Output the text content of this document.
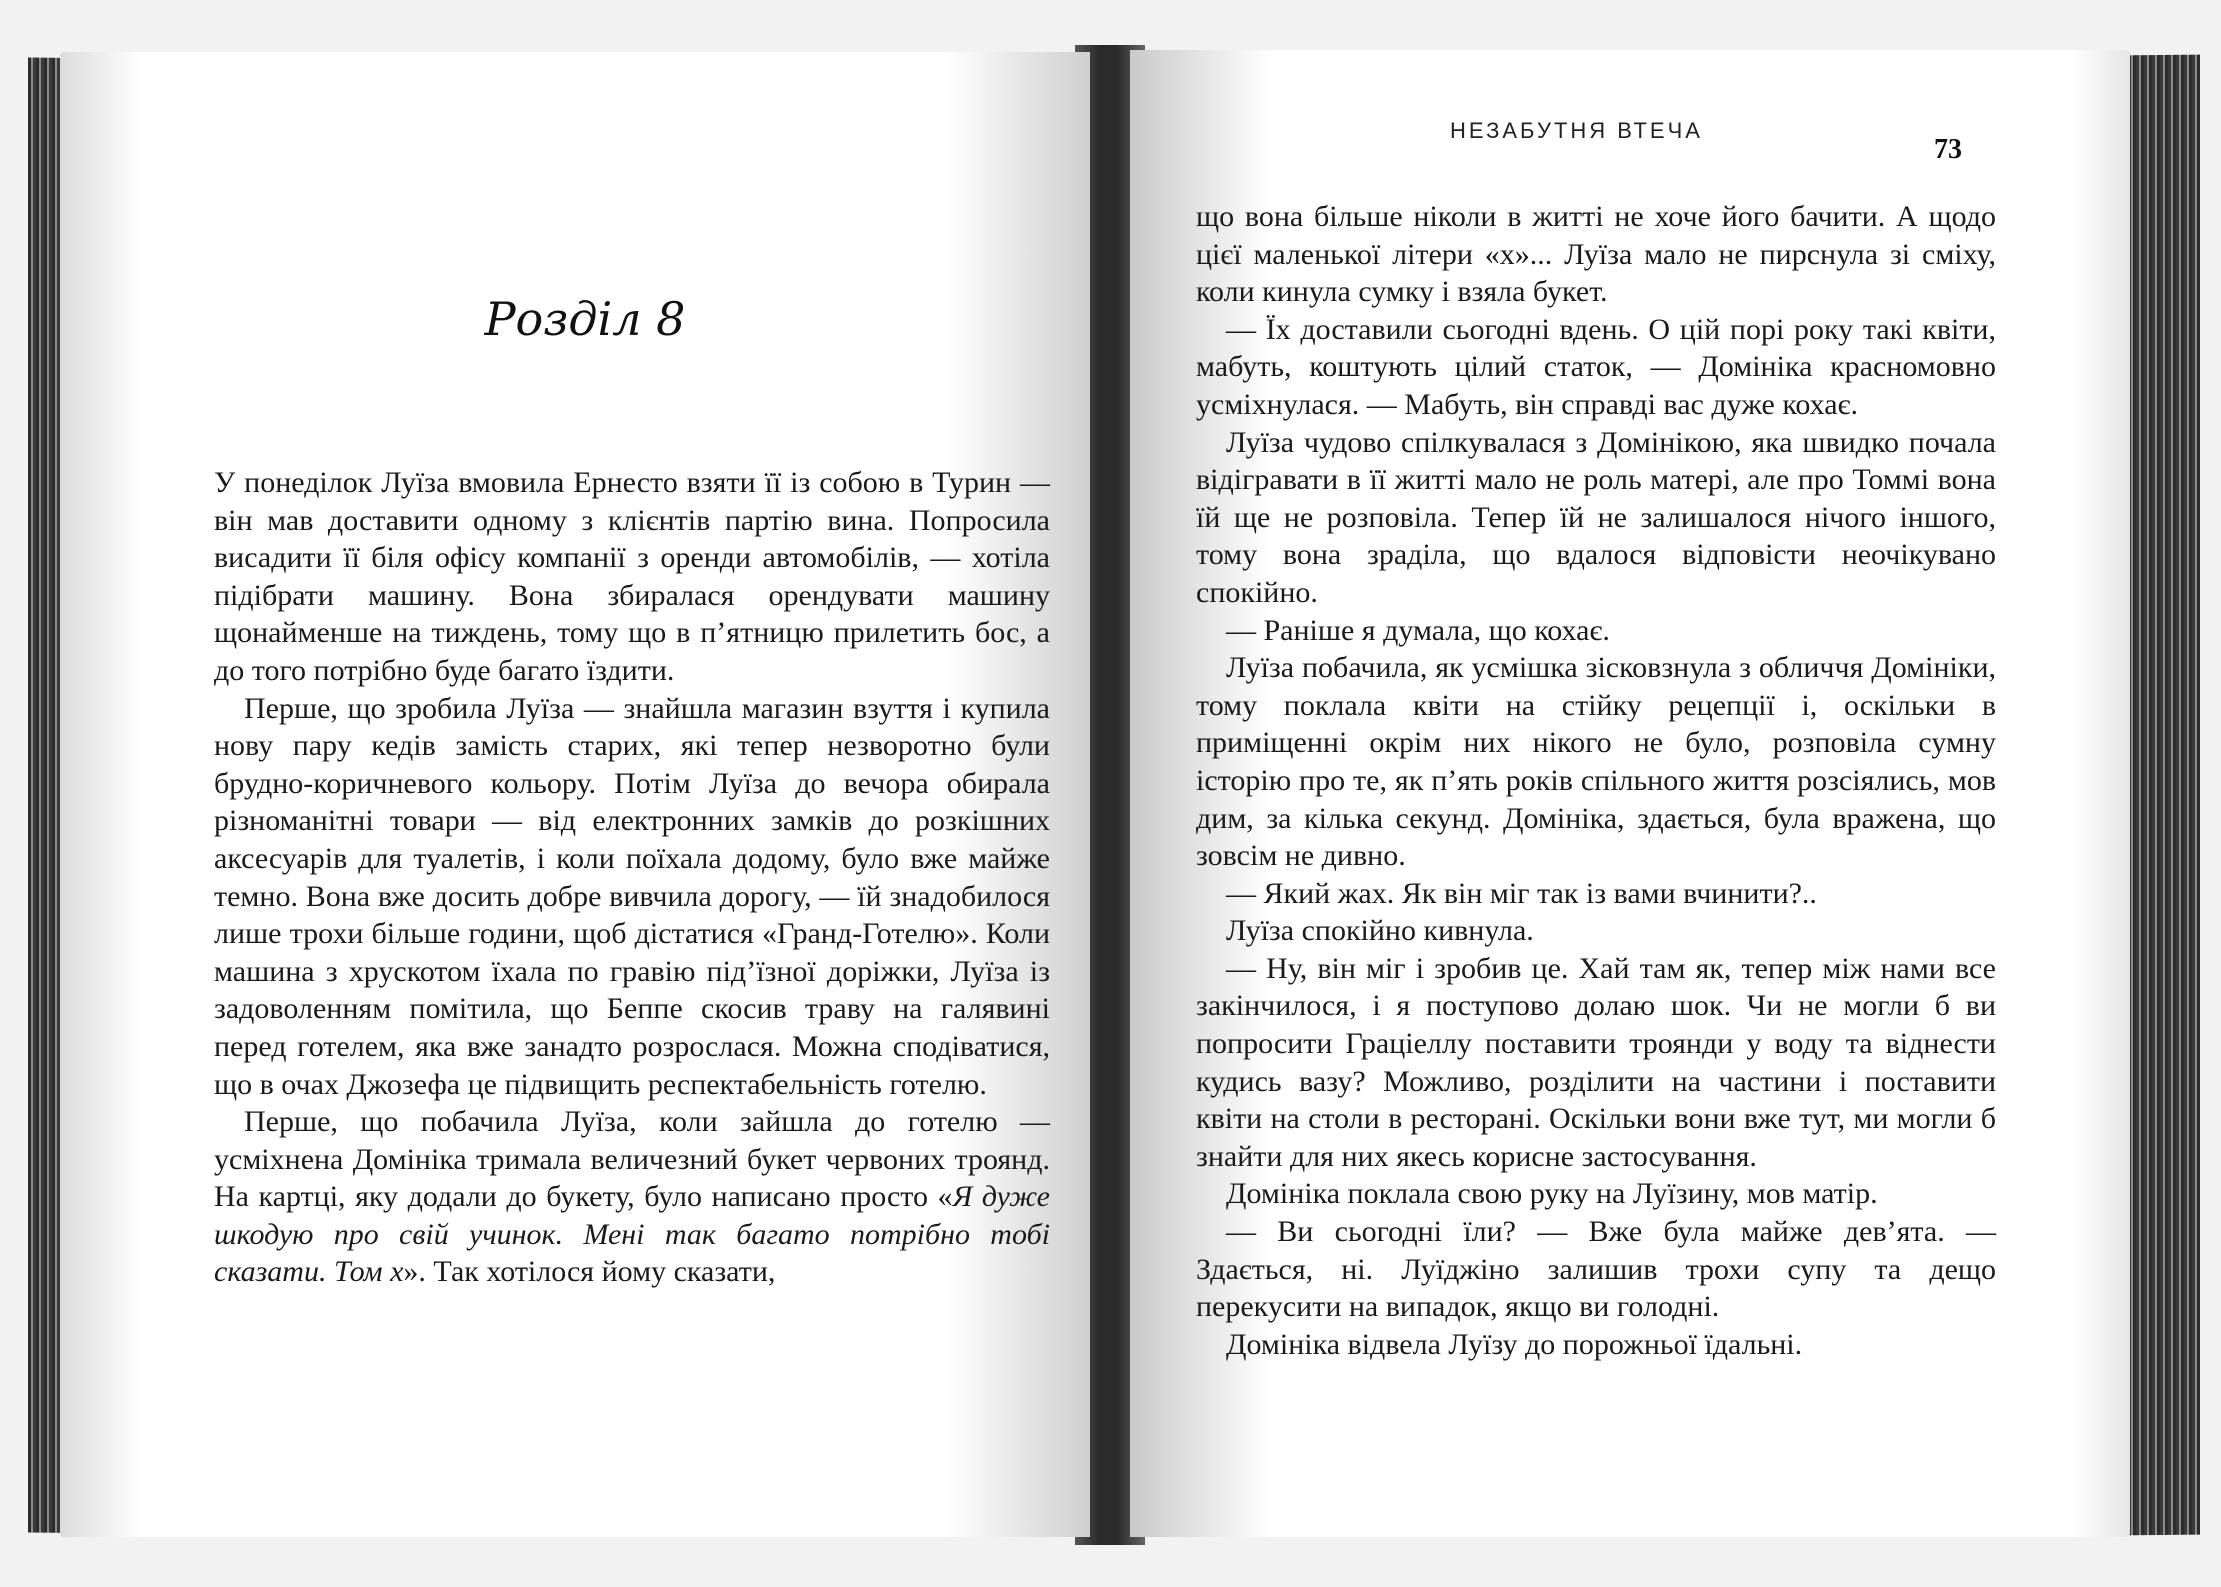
Розділ 8

У понеділок Луїза вмовила Ернесто взяти її із собою в Турин — він мав доставити одному з клієнтів партію вина. Попросила висадити її біля офісу компанії з оренди автомобілів, — хотіла підібрати машину. Вона збиралася орендувати машину щонайменше на тиждень, тому що в п’ятницю прилетить бос, а до того потрібно буде багато їздити.

Перше, що зробила Луїза — знайшла магазин взуття і купила нову пару кедів замість старих, які тепер незворотно були брудно-коричневого кольору. Потім Луїза до вечора обирала різноманітні товари — від електронних замків до розкішних аксесуарів для туалетів, і коли поїхала додому, було вже майже темно. Вона вже досить добре вивчила дорогу, — їй знадобилося лише трохи більше години, щоб дістатися «Гранд-Готелю». Коли машина з хрускотом їхала по гравію під’їзної доріжки, Луїза із задоволенням помітила, що Беппе скосив траву на галявині перед готелем, яка вже занадто розрослася. Можна сподіватися, що в очах Джозефа це підвищить респектабельність готелю.

Перше, що побачила Луїза, коли зайшла до готелю — усміхнена Домініка тримала величезний букет червоних троянд. На картці, яку додали до букету, було написано просто «Я дуже шкодую про свій учинок. Мені так багато потрібно тобі сказати. Том х». Так хотілося йому сказати,

НЕЗАБУТНЯ ВТЕЧА
73

що вона більше ніколи в житті не хоче його бачити. А щодо цієї маленької літери «х»... Луїза мало не пирснула зі сміху, коли кинула сумку і взяла букет.

— Їх доставили сьогодні вдень. О цій порі року такі квіти, мабуть, коштують цілий статок, — Домініка красномовно усміхнулася. — Мабуть, він справді вас дуже кохає.

Луїза чудово спілкувалася з Домінікою, яка швидко почала відігравати в її житті мало не роль матері, але про Томмі вона їй ще не розповіла. Тепер їй не залишалося нічого іншого, тому вона зраділа, що вдалося відповісти неочікувано спокійно.

— Раніше я думала, що кохає.

Луїза побачила, як усмішка зісковзнула з обличчя Домініки, тому поклала квіти на стійку рецепції і, оскільки в приміщенні окрім них нікого не було, розповіла сумну історію про те, як п’ять років спільного життя розсіялись, мов дим, за кілька секунд. Домініка, здається, була вражена, що зовсім не дивно.

— Який жах. Як він міг так із вами вчинити?..

Луїза спокійно кивнула.

— Ну, він міг і зробив це. Хай там як, тепер між нами все закінчилося, і я поступово долаю шок. Чи не могли б ви попросити Граціеллу поставити троянди у воду та віднести кудись вазу? Можливо, розділити на частини і поставити квіти на столи в ресторані. Оскільки вони вже тут, ми могли б знайти для них якесь корисне застосування.

Домініка поклала свою руку на Луїзину, мов матір.

— Ви сьогодні їли? — Вже була майже дев’ята. — Здається, ні. Луїджіно залишив трохи супу та дещо перекусити на випадок, якщо ви голодні.

Домініка відвела Луїзу до порожньої їдальні.
